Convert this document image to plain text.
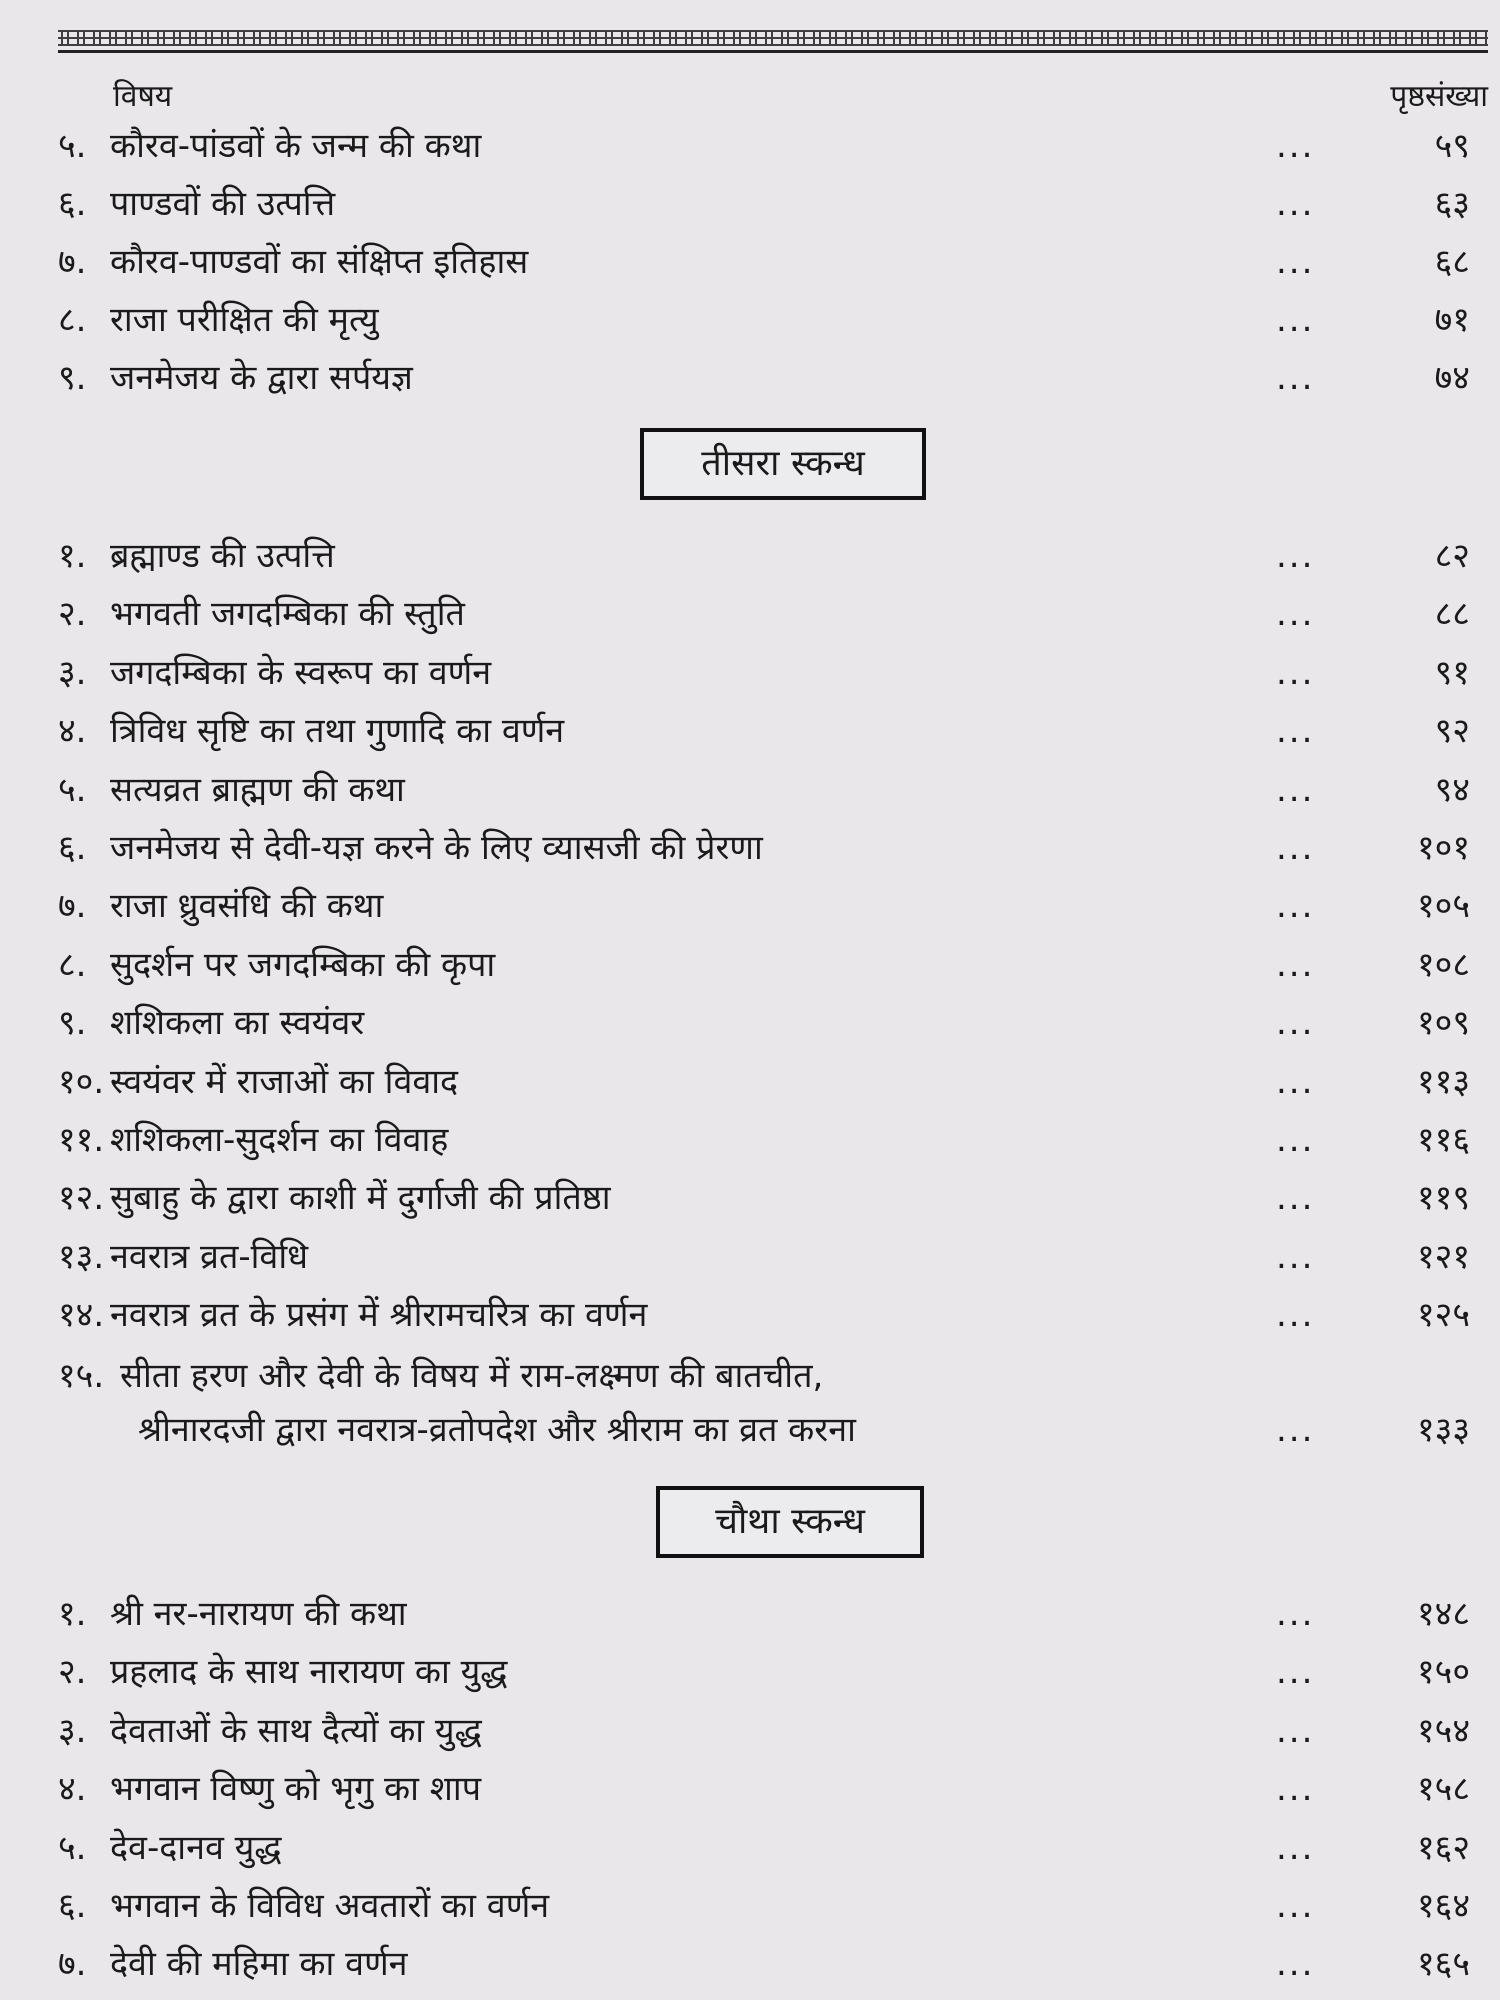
विषय	पृष्ठसंख्या
५. कौरव-पांडवों के जन्म की कथा	...	५९
६. पाण्डवों की उत्पत्ति	...	६३
७. कौरव-पाण्डवों का संक्षिप्त इतिहास	...	६८
८. राजा परीक्षित की मृत्यु	...	७१
९. जनमेजय के द्वारा सर्पयज्ञ	...	७४
तीसरा स्कन्ध
१. ब्रह्माण्ड की उत्पत्ति	...	८२
२. भगवती जगदम्बिका की स्तुति	...	८८
३. जगदम्बिका के स्वरूप का वर्णन	...	९१
४. त्रिविध सृष्टि का तथा गुणादि का वर्णन	...	९२
५. सत्यव्रत ब्राह्मण की कथा	...	९४
६. जनमेजय से देवी-यज्ञ करने के लिए व्यासजी की प्रेरणा	...	१०१
७. राजा ध्रुवसंधि की कथा	...	१०५
८. सुदर्शन पर जगदम्बिका की कृपा	...	१०८
९. शशिकला का स्वयंवर	...	१०९
१०. स्वयंवर में राजाओं का विवाद	...	११३
११. शशिकला-सुदर्शन का विवाह	...	११६
१२. सुबाहु के द्वारा काशी में दुर्गाजी की प्रतिष्ठा	...	११९
१३. नवरात्र व्रत-विधि	...	१२१
१४. नवरात्र व्रत के प्रसंग में श्रीरामचरित्र का वर्णन	...	१२५
१५. सीता हरण और देवी के विषय में राम-लक्ष्मण की बातचीत,
श्रीनारदजी द्वारा नवरात्र-व्रतोपदेश और श्रीराम का व्रत करना	...	१३३
चौथा स्कन्ध
१. श्री नर-नारायण की कथा	...	१४८
२. प्रहलाद के साथ नारायण का युद्ध	...	१५०
३. देवताओं के साथ दैत्यों का युद्ध	...	१५४
४. भगवान विष्णु को भृगु का शाप	...	१५८
५. देव-दानव युद्ध	...	१६२
६. भगवान के विविध अवतारों का वर्णन	...	१६४
७. देवी की महिमा का वर्णन	...	१६५
